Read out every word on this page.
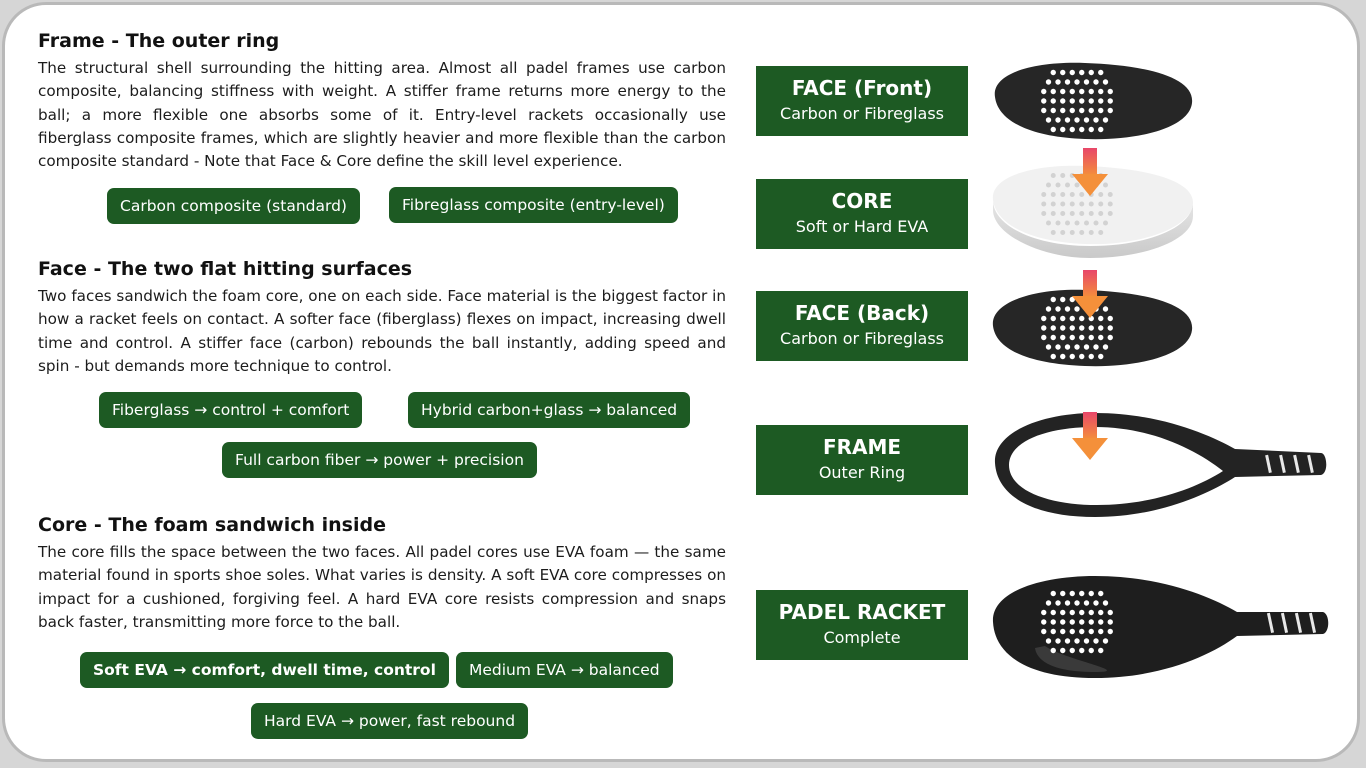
Frame - The outer ring

The structural shell surrounding the hitting area. Almost all padel frames use carbon composite, balancing stiffness with weight. A stiffer frame returns more energy to the ball; a more flexible one absorbs some of it. Entry-level rackets occasionally use fiberglass composite frames, which are slightly heavier and more flexible than the carbon composite standard - Note that Face & Core define the skill level experience.

Carbon composite (standard)	Fibreglass composite (entry-level)
Face - The two flat hitting surfaces

Two faces sandwich the foam core, one on each side. Face material is the biggest factor in how a racket feels on contact. A softer face (fiberglass) flexes on impact, increasing dwell time and control. A stiffer face (carbon) rebounds the ball instantly, adding speed and spin - but demands more technique to control.

Fiberglass → control + comfort	Hybrid carbon+glass → balanced
Full carbon fiber → power + precision
Core - The foam sandwich inside

The core fills the space between the two faces. All padel cores use EVA foam — the same material found in sports shoe soles. What varies is density. A soft EVA core compresses on impact for a cushioned, forgiving feel. A hard EVA core resists compression and snaps back faster, transmitting more force to the ball.

Soft EVA → comfort, dwell time, control	Medium EVA → balanced
Hard EVA → power, fast rebound
FACE (Front)
Carbon or Fibreglass
CORE
Soft or Hard EVA
FACE (Back)
Carbon or Fibreglass
FRAME
Outer Ring
PADEL RACKET
Complete
